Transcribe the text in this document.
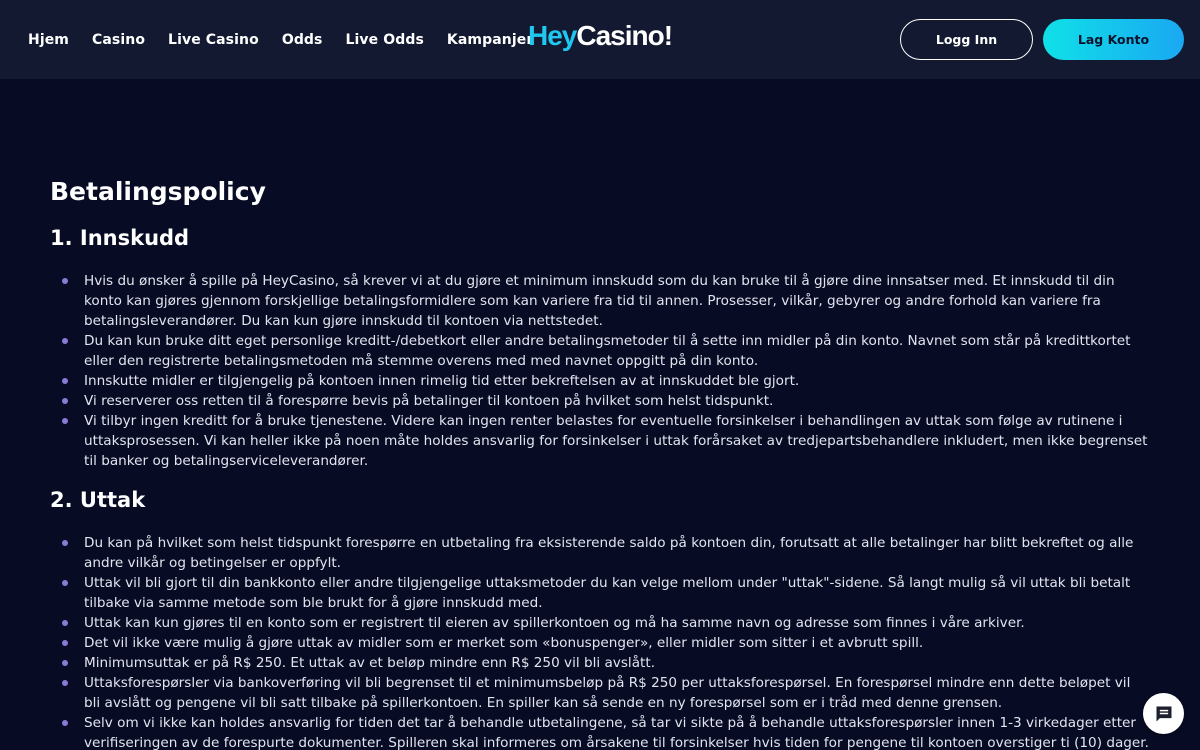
Hjem Casino Live Casino Odds Live Odds Kampanjer
Hey Casino!	Logg Inn	Lag Konto
Betalingspolicy
1. Innskudd
Hvis du ønsker å spille på HeyCasino, så krever vi at du gjøre et minimum innskudd som du kan bruke til å gjøre dine innsatser med. Et innskudd til din konto kan gjøres gjennom forskjellige betalingsformidlere som kan variere fra tid til annen. Prosesser, vilkår, gebyrer og andre forhold kan variere fra betalingsleverandører. Du kan kun gjøre innskudd til kontoen via nettstedet.
Du kan kun bruke ditt eget personlige kreditt-/debetkort eller andre betalingsmetoder til å sette inn midler på din konto. Navnet som står på kredittkortet eller den registrerte betalingsmetoden må stemme overens med med navnet oppgitt på din konto.
Innskutte midler er tilgjengelig på kontoen innen rimelig tid etter bekreftelsen av at innskuddet ble gjort.
Vi reserverer oss retten til å forespørre bevis på betalinger til kontoen på hvilket som helst tidspunkt.
Vi tilbyr ingen kreditt for å bruke tjenestene. Videre kan ingen renter belastes for eventuelle forsinkelser i behandlingen av uttak som følge av rutinene i uttaksprosessen. Vi kan heller ikke på noen måte holdes ansvarlig for forsinkelser i uttak forårsaket av tredjepartsbehandlere inkludert, men ikke begrenset til banker og betalingserviceleverandører.
2. Uttak
Du kan på hvilket som helst tidspunkt forespørre en utbetaling fra eksisterende saldo på kontoen din, forutsatt at alle betalinger har blitt bekreftet og alle andre vilkår og betingelser er oppfylt.
Uttak vil bli gjort til din bankkonto eller andre tilgjengelige uttaksmetoder du kan velge mellom under "uttak"-sidene. Så langt mulig så vil uttak bli betalt tilbake via samme metode som ble brukt for å gjøre innskudd med.
Uttak kan kun gjøres til en konto som er registrert til eieren av spillerkontoen og må ha samme navn og adresse som finnes i våre arkiver.
Det vil ikke være mulig å gjøre uttak av midler som er merket som «bonuspenger», eller midler som sitter i et avbrutt spill.
Minimumsuttak er på R$ 250. Et uttak av et beløp mindre enn R$ 250 vil bli avslått.
Uttaksforespørsler via bankoverføring vil bli begrenset til et minimumsbeløp på R$ 250 per uttaksforespørsel. En forespørsel mindre enn dette beløpet vil bli avslått og pengene vil bli satt tilbake på spillerkontoen. En spiller kan så sende en ny forespørsel som er i tråd med denne grensen.
Selv om vi ikke kan holdes ansvarlig for tiden det tar å behandle utbetalingene, så tar vi sikte på å behandle uttaksforespørsler innen 1-3 virkedager etter verifiseringen av de forespurte dokumenter. Spilleren skal informeres om årsakene til forsinkelser hvis tiden for pengene til kontoen overstiger ti (10) dager.
